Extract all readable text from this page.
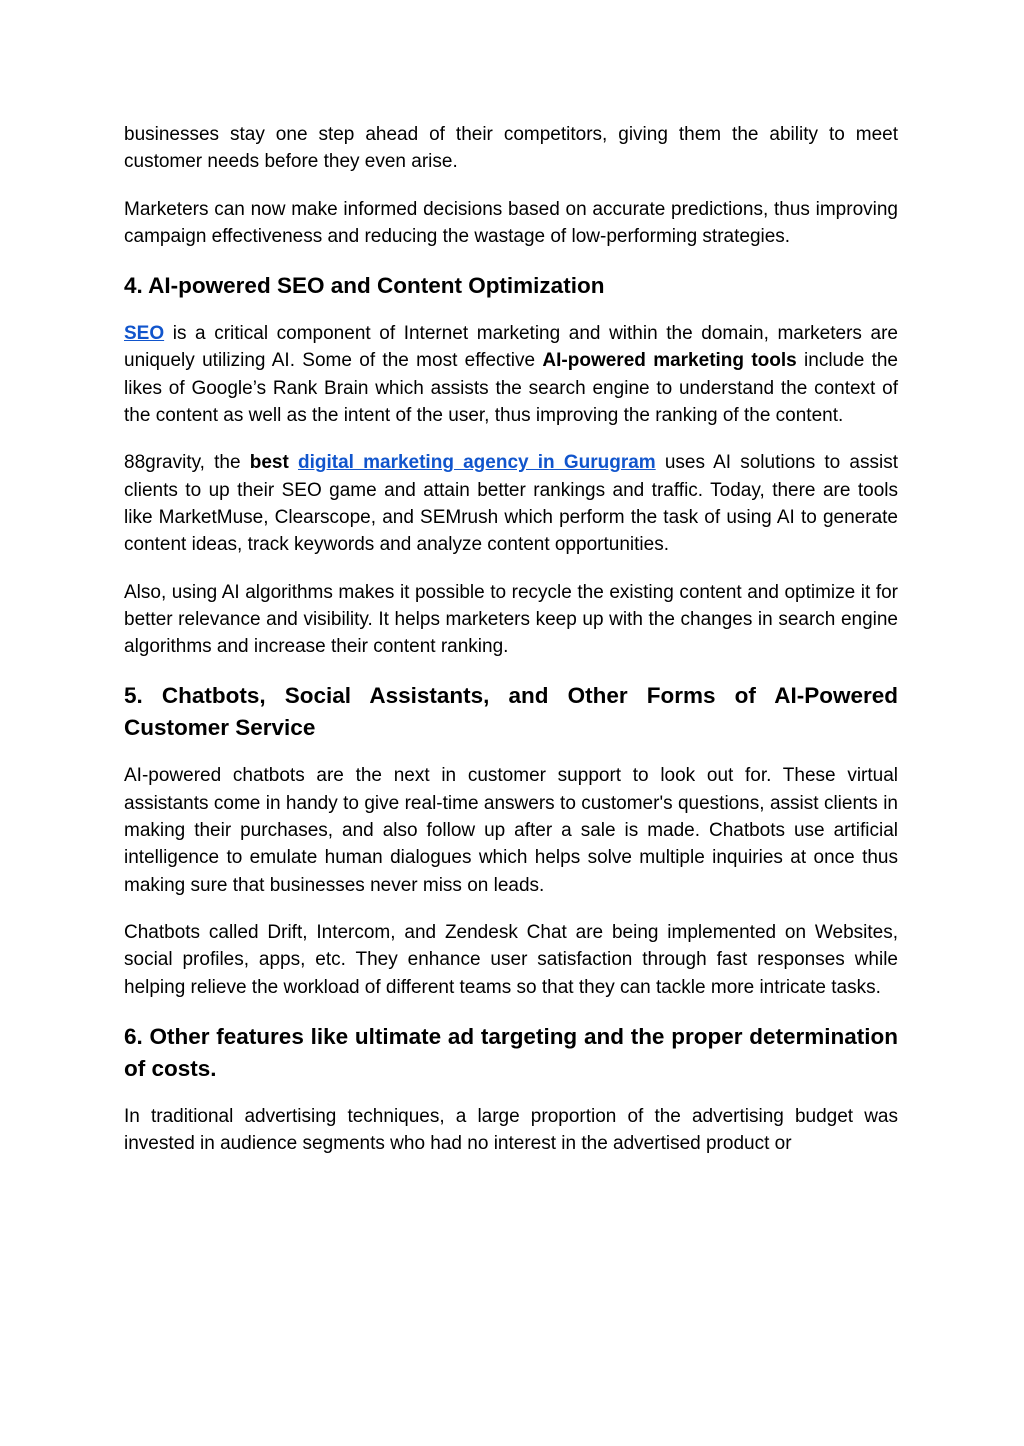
businesses stay one step ahead of their competitors, giving them the ability to meet customer needs before they even arise.

Marketers can now make informed decisions based on accurate predictions, thus improving campaign effectiveness and reducing the wastage of low-performing strategies.

4. AI-powered SEO and Content Optimization

SEO is a critical component of Internet marketing and within the domain, marketers are uniquely utilizing AI. Some of the most effective AI-powered marketing tools include the likes of Google’s Rank Brain which assists the search engine to understand the context of the content as well as the intent of the user, thus improving the ranking of the content.

88gravity, the best digital marketing agency in Gurugram uses AI solutions to assist clients to up their SEO game and attain better rankings and traffic. Today, there are tools like MarketMuse, Clearscope, and SEMrush which perform the task of using AI to generate content ideas, track keywords and analyze content opportunities.

Also, using AI algorithms makes it possible to recycle the existing content and optimize it for better relevance and visibility. It helps marketers keep up with the changes in search engine algorithms and increase their content ranking.

5. Chatbots, Social Assistants, and Other Forms of AI-Powered Customer Service

AI-powered chatbots are the next in customer support to look out for. These virtual assistants come in handy to give real-time answers to customer's questions, assist clients in making their purchases, and also follow up after a sale is made. Chatbots use artificial intelligence to emulate human dialogues which helps solve multiple inquiries at once thus making sure that businesses never miss on leads.

Chatbots called Drift, Intercom, and Zendesk Chat are being implemented on Websites, social profiles, apps, etc. They enhance user satisfaction through fast responses while helping relieve the workload of different teams so that they can tackle more intricate tasks.

6. Other features like ultimate ad targeting and the proper determination of costs.

In traditional advertising techniques, a large proportion of the advertising budget was invested in audience segments who had no interest in the advertised product or
